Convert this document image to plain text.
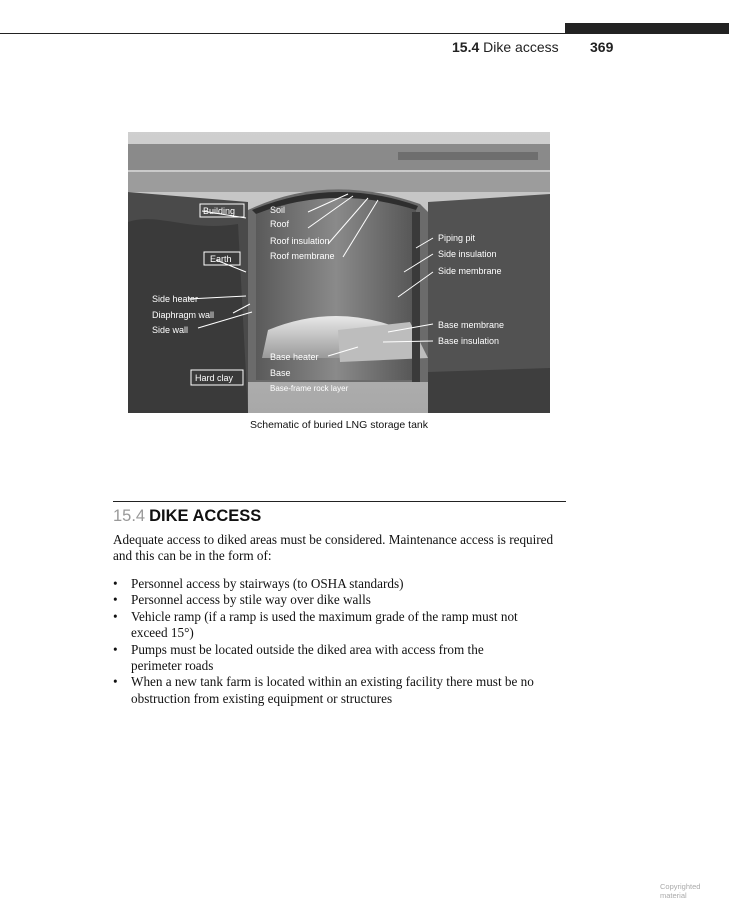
15.4 Dike access 369
Building
Earth
Side heater
Diaphragm wall
Side wall
Hard clay
Soil
Roof
Roof insulation
Roof membrane
Piping pit
Side insulation
Side membrane
Base membrane
Base insulation
Base heater
Base
Base-frame rock layer
Schematic of buried LNG storage tank
15.4 DIKE ACCESS

Adequate access to diked areas must be considered. Maintenance access is required

and this can be in the form of:

• Personnel access by stairways (to OSHA standards)
• Personnel access by stile way over dike walls
• Vehicle ramp (if a ramp is used the maximum grade of the ramp must not
exceed 15°)
• Pumps must be located outside the diked area with access from the
perimeter roads
• When a new tank farm is located within an existing facility there must be no
obstruction from existing equipment or structures
Copyrighted material
